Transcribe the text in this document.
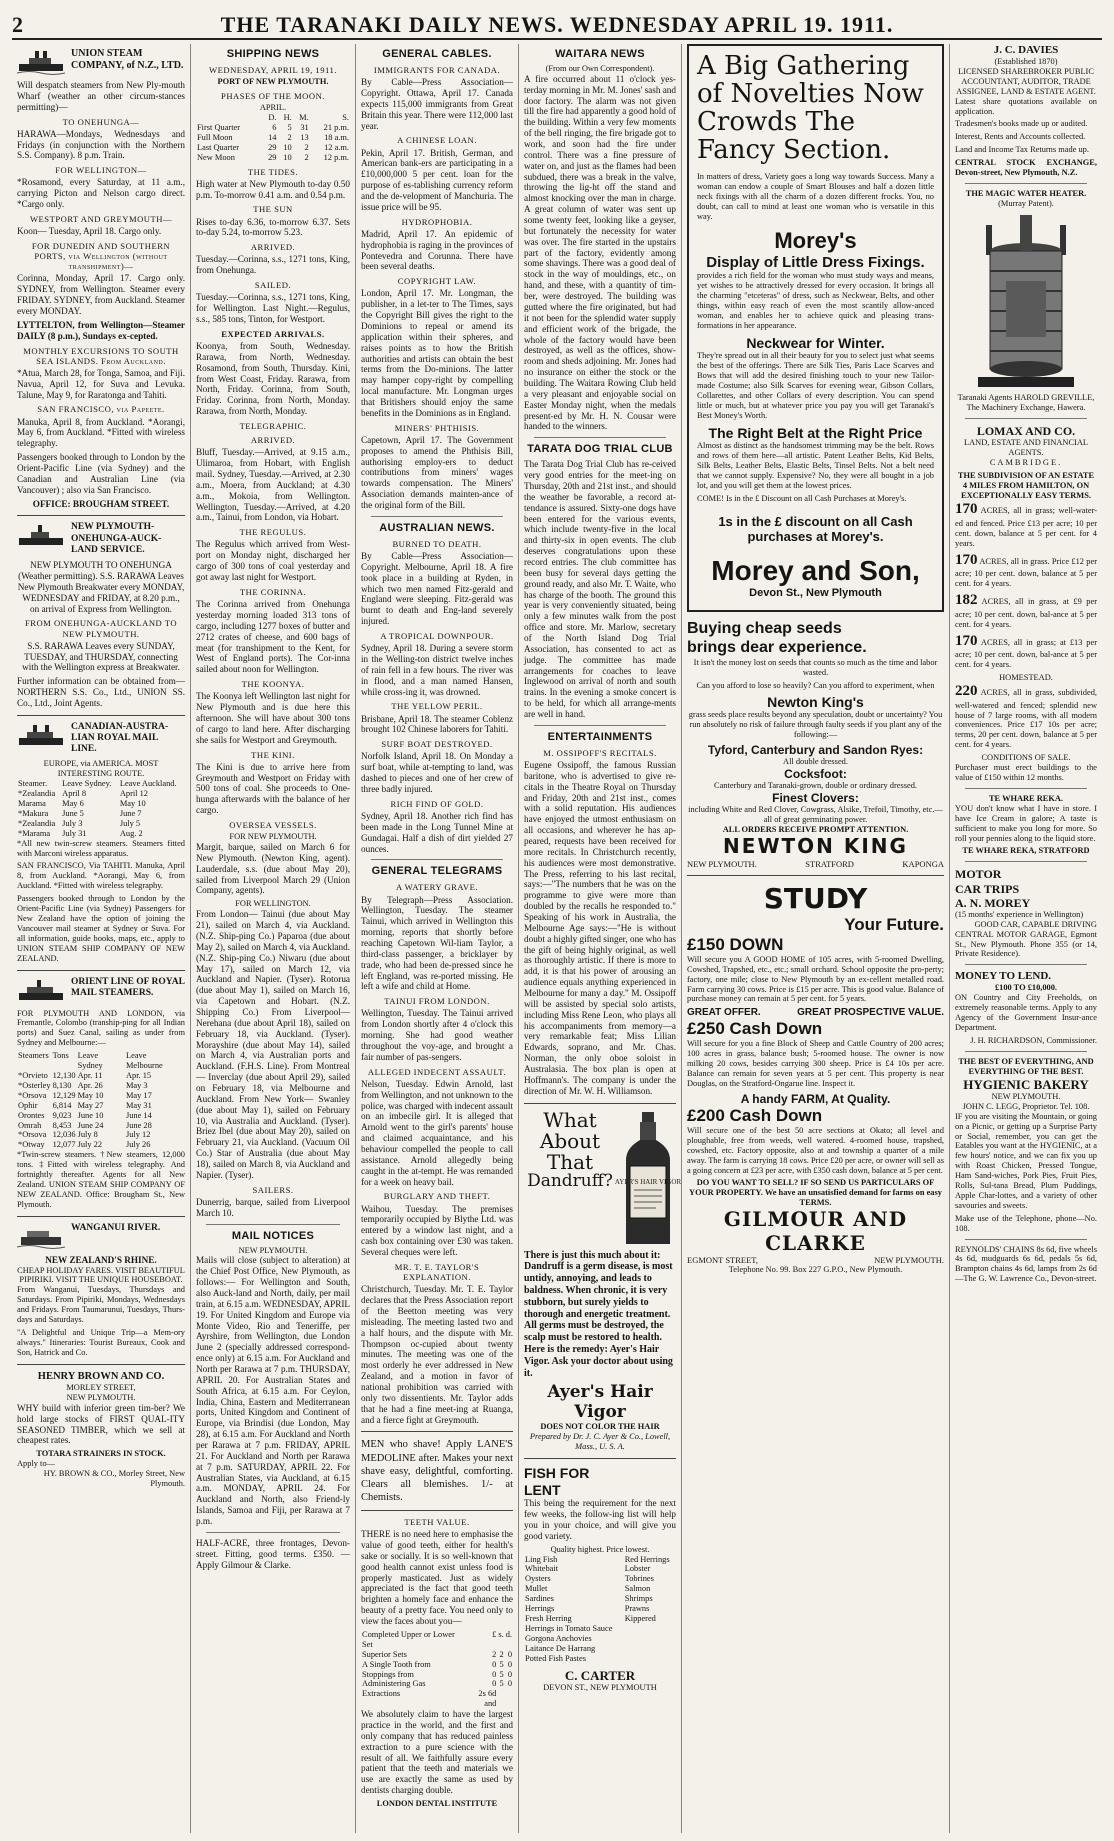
2	THE TARANAKI DAILY NEWS. WEDNESDAY APRIL 19. 1911.
UNION STEAM COMPANY, of N.Z., LTD.
Will despatch steamers from New Ply-mouth Wharf (weather an other circum-stances permitting)—
TO ONEHUNGA—
HARAWA—Mondays, Wednesdays and Fridays (in conjunction with the Northern S.S. Company). 8 p.m. Train.
FOR WELLINGTON—
*Rosamond, every Saturday, at 11 a.m., carrying Picton and Nelson cargo direct. *Cargo only.
WESTPORT AND GREYMOUTH—
Koon— Tuesday, April 18. Cargo only.
FOR DUNEDIN AND SOUTHERN PORTS, via Wellington (without transhipment)—
Corinna, Monday, April 17. Cargo only. SYDNEY, from Wellington. Steamer every FRIDAY. SYDNEY, from Auckland. Steamer every MONDAY.
LYTTELTON, from Wellington—Steamer DAILY (8 p.m.), Sundays ex-cepted.
MONTHLY EXCURSIONS TO SOUTH SEA ISLANDS. From Auckland.
*Atua, March 28, for Tonga, Samoa, and Fiji. Navua, April 12, for Suva and Levuka. Talune, May 9, for Raratonga and Tahiti.
SAN FRANCISCO, via Papeete.
Manuka, April 8, from Auckland. *Aorangi, May 6, from Auckland. *Fitted with wireless telegraphy.
Passengers booked through to London by the Orient-Pacific Line (via Sydney) and the Canadian and Australian Line (via Vancouver) ; also via San Francisco.
OFFICE: BROUGHAM STREET.
NEW PLYMOUTH-ONEHUNGA-AUCK-LAND SERVICE.
NEW PLYMOUTH TO ONEHUNGA (Weather permitting). S.S. RARAWA Leaves New Plymouth Breakwater every MONDAY, WEDNESDAY and FRIDAY, at 8.20 p.m., on arrival of Express from Wellington.
FROM ONEHUNGA-AUCKLAND TO NEW PLYMOUTH.
S.S. RARAWA Leaves every SUNDAY, TUESDAY, and THURSDAY, connecting with the Wellington express at Breakwater.
Further information can be obtained from— NORTHERN S.S. Co., Ltd., UNION SS. Co., Ltd., Joint Agents.
CANADIAN-AUSTRA-LIAN ROYAL MAIL LINE.
EUROPE, via AMERICA. MOST INTERESTING ROUTE.
Steamer.	Leave Sydney.	Leave Auckland.
*Zealandia	April 8	April 12
Marama	May 6	May 10
*Makura	June 5	June 7
*Zealandia	July 3	July 5
*Marama	July 31	Aug. 2
*All new twin-screw steamers. Steamers fitted with Marconi wireless apparatus.
SAN FRANCISCO, Via TAHITI. Manuka, April 8, from Auckland. *Aorangi, May 6, from Auckland. *Fitted with wireless telegraphy.
Passengers booked through to London by the Orient-Pacific Line (via Sydney) Passengers for New Zealand have the option of joining the Vancouver mail steamer at Sydney or Suva. For all information, guide books, maps, etc., apply to UNION STEAM SHIP COMPANY OF NEW ZEALAND.
ORIENT LINE OF ROYAL MAIL STEAMERS.
FOR PLYMOUTH AND LONDON, via Fremantle, Colombo (tranship-ping for all Indian ports) and Suez Canal, sailing as under from Sydney and Melbourne:—
Steamers	Tons	Leave Sydney	Leave Melbourne
*Orvieto	12,130	Apr. 11	Apr. 15
*Osterley	8,130	Apr. 26	May 3
*Orsova	12,129	May 10	May 17
Ophir	6,814	May 27	May 31
Orontes	9,023	June 10	June 14
Omrah	8,453	June 24	June 28
*Orsova	12,036	July 8	July 12
*Otway	12,077	July 22	July 26
*Twin-screw steamers. †New steamers, 12,000 tons. ‡Fitted with wireless telegraphy. And fortnightly thereafter. Agents for all New Zealand. UNION STEAM SHIP COMPANY OF NEW ZEALAND. Office: Brougham St., New Plymouth.
WANGANUI RIVER.
NEW ZEALAND'S RHINE.
CHEAP HOLIDAY FARES. VISIT BEAUTIFUL PIPIRIKI. VISIT THE UNIQUE HOUSEBOAT.
From Wanganui, Tuesdays, Thursdays and Saturdays. From Pipiriki, Mondays, Wednesdays and Fridays. From Taumarunui, Tuesdays, Thurs-days and Saturdays.
"A Delightful and Unique Trip—a Mem-ory always." Itineraries: Tourist Bureaux, Cook and Son, Hatrick and Co.
HENRY BROWN AND CO.
MORLEY STREET,
NEW PLYMOUTH.
WHY build with inferior green tim-ber? We hold large stocks of FIRST QUAL-ITY SEASONED TIMBER, which we sell at cheapest rates.
TOTARA STRAINERS IN STOCK.
Apply to—
HY. BROWN & CO., Morley Street, New Plymouth.
SHIPPING NEWS
WEDNESDAY, APRIL 19, 1911.
PORT OF NEW PLYMOUTH.
PHASES OF THE MOON.
APRIL.
	D.	H.	M.	S.
First Quarter	6	5	31	21 p.m.
Full Moon	14	2	13	18 a.m.
Last Quarter	29	10	2	12 a.m.
New Moon	29	10	2	12 p.m.
THE TIDES.
High water at New Plymouth to-day 0.50 p.m. To-morrow 0.41 a.m. and 0.54 p.m.
THE SUN
Rises to-day 6.36, to-morrow 6.37. Sets to-day 5.24, to-morrow 5.23.
ARRIVED.
Tuesday.—Corinna, s.s., 1271 tons, King, from Onehunga.
SAILED.
Tuesday.—Corinna, s.s., 1271 tons, King, for Wellington. Last Night.—Regulus, s.s., 585 tons, Tinton, for Westport.
EXPECTED ARRIVALS.
Koonya, from South, Wednesday. Rarawa, from North, Wednesday. Rosamond, from South, Thursday. Kini, from West Coast, Friday. Rarawa, from North, Friday. Corinna, from South, Friday. Corinna, from North, Monday. Rarawa, from North, Monday.
TELEGRAPHIC.
ARRIVED.
Bluff, Tuesday.—Arrived, at 9.15 a.m., Ulimaroa, from Hobart, with English mail. Sydney, Tuesday.—Arrived, at 2.30 a.m., Moera, from Auckland; at 4.30 a.m., Mokoia, from Wellington. Wellington, Tuesday.—Arrived, at 4.20 a.m., Tainui, from London, via Hobart.
THE REGULUS.
The Regulus which arrived from West-port on Monday night, discharged her cargo of 300 tons of coal yesterday and got away last night for Westport.
THE CORINNA.
The Corinna arrived from Onehunga yesterday morning loaded 313 tons of cargo, including 1277 boxes of butter and 2712 crates of cheese, and 600 bags of meat (for transhipment to the Kent, for West of England ports). The Cor-inna sailed about noon for Wellington.
THE KOONYA.
The Koonya left Wellington last night for New Plymouth and is due here this afternoon. She will have about 300 tons of cargo to land here. After discharging she sails for Westport and Greymouth.
THE KINI.
The Kini is due to arrive here from Greymouth and Westport on Friday with 500 tons of coal. She proceeds to One-hunga afterwards with the balance of her cargo.
OVERSEA VESSELS.
FOR NEW PLYMOUTH.
Margit, barque, sailed on March 6 for New Plymouth. (Newton King, agent). Lauderdale, s.s. (due about May 20), sailed from Liverpool March 29 (Union Company, agents).
FOR WELLINGTON.
From London— Tainui (due about May 21), sailed on March 4, via Auckland. (N.Z. Ship-ping Co.) Paparoa (due about May 2), sailed on March 4, via Auckland. (N.Z. Ship-ping Co.) Niwaru (due about May 17), sailed on March 12, via Auckland and Napier. (Tyser). Rotorua (due about May 1), sailed on March 16, via Capetown and Hobart. (N.Z. Shipping Co.) From Liverpool— Nerehana (due about April 18), sailed on February 18, via Auckland. (Tyser). Morayshire (due about May 14), sailed on March 4, via Australian ports and Auckland. (F.H.S. Line). From Montreal— Inverclay (due about April 29), sailed on February 18, via Melbourne and Auckland. From New York— Swanley (due about May 1), sailed on February 10, via Australia and Auckland. (Tyser). Briez Ibel (due about May 20), sailed on February 21, via Auckland. (Vacuum Oil Co.) Star of Australia (due about May 18), sailed on March 8, via Auckland and Napier. (Tyser).
SAILERS.
Dunerrig, barque, sailed from Liverpool March 10.
MAIL NOTICES
NEW PLYMOUTH.
Mails will close (subject to alteration) at the Chief Post Office, New Plymouth, as follows:— For Wellington and South, also Auck-land and North, daily, per mail train, at 6.15 a.m. WEDNESDAY, APRIL 19. For United Kingdom and Europe via Monte Video, Rio and Teneriffe, per Ayrshire, from Wellington, due London June 2 (specially addressed correspond-ence only) at 6.15 a.m. For Auckland and North per Rarawa at 7 p.m. THURSDAY, APRIL 20. For Australian States and South Africa, at 6.15 a.m. For Ceylon, India, China, Eastern and Mediterranean ports, United Kingdom and Continent of Europe, via Brindisi (due London, May 28), at 6.15 a.m. For Auckland and North per Rarawa at 7 p.m. FRIDAY, APRIL 21. For Auckland and North per Rarawa at 7 p.m. SATURDAY, APRIL 22. For Australian States, via Auckland, at 6.15 a.m. MONDAY, APRIL 24. For Auckland and North, also Friend-ly Islands, Samoa and Fiji, per Rarawa at 7 p.m.
HALF-ACRE, three frontages, Devon-street. Fitting, good terms. £350. —Apply Gilmour & Clarke.
GENERAL CABLES.
IMMIGRANTS FOR CANADA.
By Cable—Press Association—Copyright. Ottawa, April 17. Canada expects 115,000 immigrants from Great Britain this year. There were 112,000 last year.
A CHINESE LOAN.
Pekin, April 17. British, German, and American bank-ers are participating in a £10,000,000 5 per cent. loan for the purpose of es-tablishing currency reform and the de-velopment of Manchuria. The issue price will be 95.
HYDROPHOBIA.
Madrid, April 17. An epidemic of hydrophobia is raging in the provinces of Pontevedra and Corunna. There have been several deaths.
COPYRIGHT LAW.
London, April 17. Mr. Longman, the publisher, in a let-ter to The Times, says the Copyright Bill gives the right to the Dominions to repeal or amend its application within their spheres, and raises points as to how the British authorities and artists can obtain the best terms from the Do-minions. The latter may hamper copy-right by compelling local manufacture. Mr. Longman urges that Britishers should enjoy the same benefits in the Dominions as in England.
MINERS' PHTHISIS.
Capetown, April 17. The Government proposes to amend the Phthisis Bill, authorising employ-ers to deduct contributions from miners' wages towards compensation. The Miners' Association demands mainten-ance of the original form of the Bill.
AUSTRALIAN NEWS.
BURNED TO DEATH.
By Cable—Press Association—Copyright. Melbourne, April 18. A fire took place in a building at Ryden, in which two men named Fitz-gerald and England were sleeping. Fitz-gerald was burnt to death and Eng-land severely injured.
A TROPICAL DOWNPOUR.
Sydney, April 18. During a severe storm in the Welling-ton district twelve inches of rain fell in a few hours. The river was in flood, and a man named Hansen, while cross-ing it, was drowned.
THE YELLOW PERIL.
Brisbane, April 18. The steamer Coblenz brought 102 Chinese laborers for Tahiti.
SURF BOAT DESTROYED.
Norfolk Island, April 18. On Monday a surf boat, while at-tempting to land, was dashed to pieces and one of her crew of three badly injured.
RICH FIND OF GOLD.
Sydney, April 18. Another rich find has been made in the Long Tunnel Mine at Gundagai. Half a dish of dirt yielded 27 ounces.
GENERAL TELEGRAMS
A WATERY GRAVE.
By Telegraph—Press Association. Wellington, Tuesday. The steamer Tainui, which arrived in Wellington this morning, reports that shortly before reaching Capetown Wil-liam Taylor, a third-class passenger, a bricklayer by trade, who had been de-pressed since he left England, was re-ported missing. He left a wife and child at Home.
TAINUI FROM LONDON.
Wellington, Tuesday. The Tainui arrived from London shortly after 4 o'clock this morning. She had good weather throughout the voy-age, and brought a fair number of pas-sengers.
ALLEGED INDECENT ASSAULT.
Nelson, Tuesday. Edwin Arnold, last from Wellington, and not unknown to the police, was charged with indecent assault on an imbecile girl. It is alleged that Arnold went to the girl's parents' house and claimed acquaintance, and his behaviour compelled the people to call assistance. Arnold allegedly being caught in the at-tempt. He was remanded for a week on heavy bail.
BURGLARY AND THEFT.
Waihou, Tuesday. The premises temporarily occupied by Blythe Ltd. was entered by a window last night, and a cash box containing over £30 was taken. Several cheques were left.
MR. T. E. TAYLOR'S EXPLANATION.
Christchurch, Tuesday. Mr. T. E. Taylor declares that the Press Association report of the Beetton meeting was very misleading. The meeting lasted two and a half hours, and the dispute with Mr. Thompson oc-cupied about twenty minutes. The meeting was one of the most orderly he ever addressed in New Zealand, and a motion in favor of national prohibition was carried with only two dissentients. Mr. Taylor adds that he had a fine meet-ing at Ruanga, and a fierce fight at Greymouth.
MEN who shave! Apply LANE'S MEDOLINE after. Makes your next shave easy, delightful, comforting. Clears all blemishes. 1/- at Chemists.
TEETH VALUE.
THERE is no need here to emphasise the value of good teeth, either for health's sake or socially. It is so well-known that good health cannot exist unless food is properly masticated. Just as widely appreciated is the fact that good teeth brighten a homely face and enhance the beauty of a pretty face. You need only to view the faces about you—
Completed Upper or Lower Set	£	s.	d.
Superior Sets	2	2	0
A Single Tooth from	0	5	0
Stoppings from	0	5	0
Administering Gas	0	5	0
Extractions	2s 6d and		
We absolutely claim to have the largest practice in the world, and the first and only company that has reduced painless extraction to a pure science with the result of all. We faithfully assure every patient that the teeth and materials we use are exactly the same as used by dentists charging double.
LONDON DENTAL INSTITUTE
WAITARA NEWS
(From our Own Correspondent).
A fire occurred about 11 o'clock yes-terday morning in Mr. M. Jones' sash and door factory. The alarm was not given till the fire had apparently a good hold of the building. Within a very few moments of the bell ringing, the fire brigade got to work, and soon had the fire under control. There was a fine pressure of water on, and just as the flames had been subdued, there was a break in the valve, throwing the lig-ht off the stand and almost knocking over the man in charge. A great column of water was sent up some twenty feet, looking like a geyser, but fortunately the necessity for water was over. The fire started in the upstairs part of the factory, evidently among some shavings. There was a good deal of stock in the way of mouldings, etc., on hand, and these, with a quantity of tim-ber, were destroyed. The building was gutted where the fire originated, but had it not been for the splendid water supply and efficient work of the brigade, the whole of the factory would have been destroyed, as well as the offices, show-room and sheds adjoining. Mr. Jones had no insurance on either the stock or the building. The Waitara Rowing Club held a very pleasant and enjoyable social on Easter Monday night, when the medals present-ed by Mr. H. N. Cousar were handed to the winners.
TARATA DOG TRIAL CLUB
The Tarata Dog Trial Club has re-ceived very good entries for the meet-ing on Thursday, 20th and 21st inst., and should the weather be favorable, a record at-tendance is assured. Sixty-one dogs have been entered for the various events, which include twenty-five in the local and thirty-six in open events. The club deserves congratulations upon these record entries. The club committee has been busy for several days getting the ground ready, and also Mr. T. Waite, who has charge of the booth. The ground this year is very conveniently situated, being only a few minutes walk from the post office and store. Mr. Marlow, secretary of the North Island Dog Trial Association, has consented to act as judge. The committee has made arrangements for coaches to leave Inglewood on arrival of north and south trains. In the evening a smoke concert is to be held, for which all arrange-ments are well in hand.
ENTERTAINMENTS
M. OSSIPOFF'S RECITALS.
Eugene Ossipoff, the famous Russian baritone, who is advertised to give re-citals in the Theatre Royal on Thursday and Friday, 20th and 21st inst., comes with a solid reputation. His audiences have enjoyed the utmost enthusiasm on all occasions, and wherever he has ap-peared, requests have been received for more recitals. In Christchurch recently, his audiences were most demonstrative. The Press, referring to his last recital, says:—"The numbers that he was on the programme to give were more than doubled by the recalls he responded to." Speaking of his work in Australia, the Melbourne Age says:—"He is without doubt a highly gifted singer, one who has the gift of being highly original, as well as thoroughly artistic. If there is more to add, it is that his power of arousing an audience equals anything experienced in Melbourne for many a day." M. Ossipoff will be assisted by special solo artists, including Miss Rene Leon, who plays all his accompaniments from memory—a very remarkable feat; Miss Lilian Edwards, soprano, and Mr. Chas. Norman, the only oboe soloist in Australasia. The box plan is open at Hoffmann's. The company is under the direction of Mr. W. H. Williamson.
What
About
That
Dandruff? AYER'S HAIR VIGOR
There is just this much about it: Dandruff is a germ disease, is most untidy, annoying, and leads to baldness. When chronic, it is very stubborn, but surely yields to thorough and energetic treatment. All germs must be destroyed, the scalp must be restored to health. Here is the remedy: Ayer's Hair Vigor. Ask your doctor about using it.
Ayer's Hair Vigor
DOES NOT COLOR THE HAIR
Prepared by Dr. J. C. Ayer & Co., Lowell, Mass., U. S. A.
FISH FOR LENT
This being the requirement for the next few weeks, the follow-ing list will help you in your choice, and will give you good variety.
Quality highest. Price lowest.
Ling Fish	Red Herrings
Whitebait	Lobster
Oysters	Tobrines
Mullet	Salmon
Sardines	Shrimps
Herrings	Prawns
Fresh Herring	Kippered
Herrings in Tomato Sauce	
Gorgona Anchovies	
Laitance De Harrang	
Potted Fish Pastes	
C. CARTER
DEVON ST., NEW PLYMOUTH
A Big Gathering of Novelties Now Crowds The Fancy Section.
In matters of dress, Variety goes a long way towards Success. Many a woman can endow a couple of Smart Blouses and half a dozen little neck fixings with all the charm of a dozen different frocks. You, no doubt, can call to mind at least one woman who is versatile in this way.
Morey's
Display of Little Dress Fixings.
provides a rich field for the woman who must study ways and means, yet wishes to be attractively dressed for every occasion. It brings all the charming "etceteras" of dress, such as Neckwear, Belts, and other things, within easy reach of even the most scantily allow-anced woman, and enables her to achieve quick and pleasing trans-formations in her appearance.
Neckwear for Winter.
They're spread out in all their beauty for you to select just what seems the best of the offerings. There are Silk Ties, Paris Lace Scarves and Bows that will add the desired finishing touch to your new Tailor-made Costume; also Silk Scarves for evening wear, Gibson Collars, Collarettes, and other Collars of every description. You can spend little or much, but at whatever price you pay you will get Taranaki's Best Money's Worth.
The Right Belt at the Right Price
Almost as distinct as the handsomest trimming may be the belt. Rows and rows of them here—all artistic. Patent Leather Belts, Kid Belts, Silk Belts, Leather Belts, Elastic Belts, Tinsel Belts. Not a belt need that we cannot supply. Expensive? No, they were all bought in a job lot, and you will get them at the lowest prices.
COME! Is in the £ Discount on all Cash Purchases at Morey's.
1s in the £ discount on all Cash purchases at Morey's.
Morey and Son,
Devon St., New Plymouth
Buying cheap seeds
brings dear experience.
It isn't the money lost on seeds that counts so much as the time and labor wasted.
Can you afford to lose so heavily? Can you afford to experiment, when
Newton King's
grass seeds place results beyond any speculation, doubt or uncertainty? You run absolutely no risk of failure through faulty seeds if you plant any of the following:—
Tyford, Canterbury and Sandon Ryes:
All double dressed.
Cocksfoot:
Canterbury and Taranaki-grown, double or ordinary dressed.
Finest Clovers:
including White and Red Clover, Cowgrass, Alsike, Trefoil, Timothy, etc.—all of great germinating power.
ALL ORDERS RECEIVE PROMPT ATTENTION.
NEWTON KING
NEW PLYMOUTH.	STRATFORD	KAPONGA
STUDY
Your Future.
£150 DOWN
Will secure you A GOOD HOME of 105 acres, with 5-roomed Dwelling, Cowshed, Trapshed, etc., etc.; small orchard. School opposite the pro-perty; factory, one mile; close to New Plymouth by an ex-cellent metalled road. Farm carrying 30 cows. Price is £15 per acre. This is good value. Balance of purchase money can remain at 5 per cent. for 5 years.
GREAT OFFER.	GREAT PROSPECTIVE VALUE.
£250 Cash Down
Will secure for you a fine Block of Sheep and Cattle Country of 200 acres; 100 acres in grass, balance bush; 5-roomed house. The owner is now milking 20 cows, besides carrying 300 sheep. Price is £4 10s per acre. Balance can remain for seven years at 5 per cent. This property is near Douglas, on the Stratford-Ongarue line. Inspect it.
A handy FARM, At Quality.
£200 Cash Down
Will secure one of the best 50 acre sections at Okato; all level and ploughable, free from weeds, well watered. 4-roomed house, trapshed, cowshed, etc. Factory opposite, also at and township a quarter of a mile away. The farm is carrying 18 cows. Price £20 per acre, or owner will sell as a going concern at £23 per acre, with £350 cash down, balance at 5 per cent.
DO YOU WANT TO SELL? IF SO SEND US PARTICULARS OF YOUR PROPERTY. We have an unsatisfied demand for farms on easy TERMS.
GILMOUR AND CLARKE
EGMONT STREET,	NEW PLYMOUTH.
Telephone No. 99. Box 227 G.P.O., New Plymouth.
J. C. DAVIES
(Established 1870)
LICENSED SHAREBROKER PUBLIC ACCOUNTANT, AUDITOR, TRADE ASSIGNEE, LAND & ESTATE AGENT.
Latest share quotations available on application.
Tradesmen's books made up or audited.
Interest, Rents and Accounts collected.
Land and Income Tax Returns made up.
CENTRAL STOCK EXCHANGE, Devon-street, New Plymouth, N.Z.
THE MAGIC WATER HEATER.
(Murray Patent).
Taranaki Agents HAROLD GREVILLE, The Machinery Exchange, Hawera.
LOMAX AND CO.
LAND, ESTATE AND FINANCIAL AGENTS.
CAMBRIDGE.
THE SUBDIVISION OF AN ESTATE 4 MILES FROM HAMILTON, ON EXCEPTIONALLY EASY TERMS.
170 ACRES, all in grass; well-water-ed and fenced. Price £13 per acre; 10 per cent. down, balance at 5 per cent. for 4 years.
170 ACRES, all in grass. Price £12 per acre; 10 per cent. down, balance at 5 per cent. for 4 years.
182 ACRES, all in grass, at £9 per acre; 10 per cent. down, bal-ance at 5 per cent. for 4 years.
170 ACRES, all in grass; at £13 per acre; 10 per cent. down, bal-ance at 5 per cent. for 4 years.
HOMESTEAD.
220 ACRES, all in grass, subdivided, well-watered and fenced; splendid new house of 7 large rooms, with all modern conveniences. Price £17 10s per acre; terms, 20 per cent. down, balance at 5 per cent. for 4 years.
CONDITIONS OF SALE.
Purchaser must erect buildings to the value of £150 within 12 months.
TE WHARE REKA.
YOU don't know what I have in store. I have Ice Cream in galore; A taste is sufficient to make you long for more. So roll your pennies along to the liquid store.
TE WHARE REKA, STRATFORD
MOTOR CAR TRIPS
A. N. MOREY
(15 months' experience in Wellington)
GOOD CAR, CAPABLE DRIVING
CENTRAL MOTOR GARAGE, Egmont St., New Plymouth. Phone 355 (or 14, Private Residence).
MONEY TO LEND.
£100 TO £10,000.
ON Country and City Freeholds, on extremely reasonable terms. Apply to any Agency of the Government Insur-ance Department.
J. H. RICHARDSON, Commissioner.
THE BEST OF EVERYTHING, AND EVERYTHING OF THE BEST.
HYGIENIC BAKERY
NEW PLYMOUTH.
JOHN C. LEGG, Proprietor. Tel. 108.
IF you are visiting the Mountain, or going on a Picnic, or getting up a Surprise Party or Social, remember, you can get the Eatables you want at the HYGIENIC, at a few hours' notice, and we can fix you up with Roast Chicken, Pressed Tongue, Ham Sand-wiches, Pork Pies, Fruit Pies, Rolls, Sul-tana Bread, Plum Puddings, Apple Char-lottes, and a variety of other savouries and sweets.
Make use of the Telephone, phone—No. 108.
REYNOLDS' CHAINS 8s 6d, five wheels 4s 6d, mudguards 6s 6d, pedals 5s 6d, Brampton chains 4s 6d, lamps from 2s 6d —The G. W. Lawrence Co., Devon-street.
